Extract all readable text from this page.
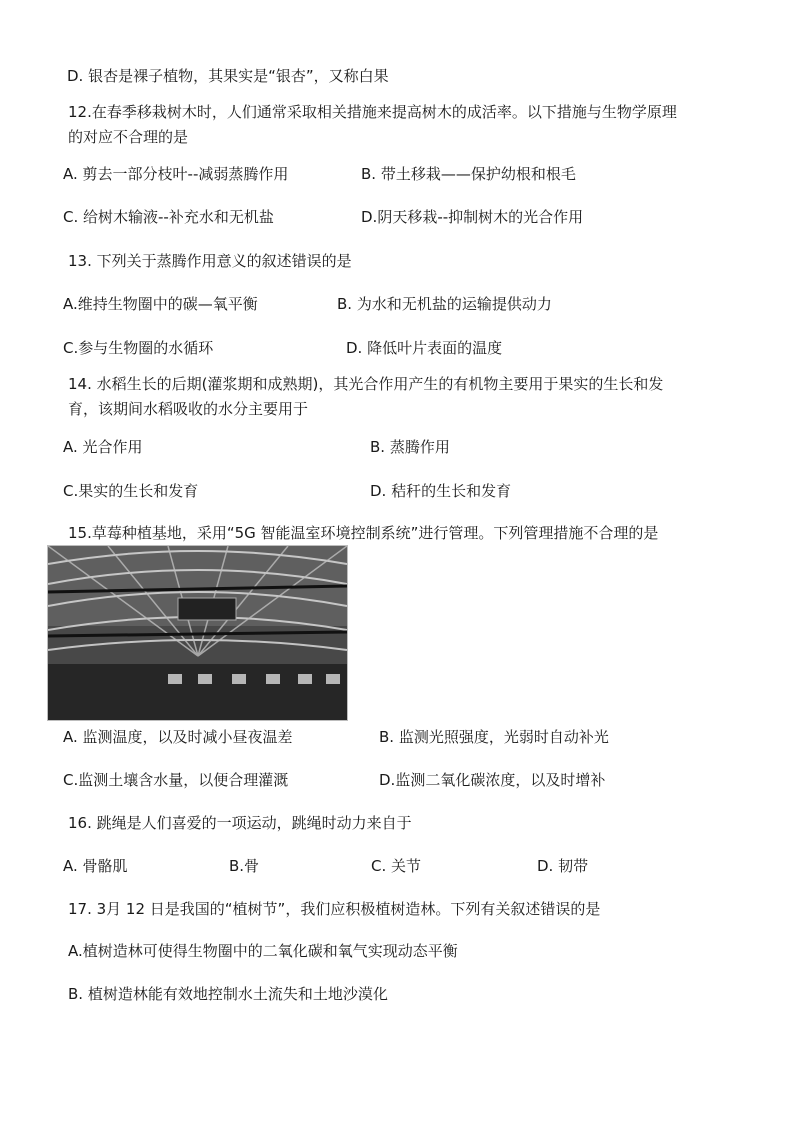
D. 银杏是裸子植物，其果实是“银杏”，又称白果
12.在春季移栽树木时，人们通常采取相关措施来提高树木的成活率。以下措施与生物学原理
的对应不合理的是
A. 剪去一部分枝叶--减弱蒸腾作用	B. 带土移栽——保护幼根和根毛
C. 给树木输液--补充水和无机盐	D.阴天移栽--抑制树木的光合作用
13. 下列关于蒸腾作用意义的叙述错误的是
A.维持生物圈中的碳—氧平衡	B. 为水和无机盐的运输提供动力
C.参与生物圈的水循环	D. 降低叶片表面的温度
14. 水稻生长的后期(灌浆期和成熟期)，其光合作用产生的有机物主要用于果实的生长和发
育，该期间水稻吸收的水分主要用于
A. 光合作用	B. 蒸腾作用
C.果实的生长和发育	D. 秸秆的生长和发育
15.草莓种植基地，采用“5G 智能温室环境控制系统”进行管理。下列管理措施不合理的是
A. 监测温度，以及时减小昼夜温差	B. 监测光照强度，光弱时自动补光
C.监测土壤含水量，以便合理灌溉	D.监测二氧化碳浓度，以及时增补
16. 跳绳是人们喜爱的一项运动，跳绳时动力来自于
A. 骨骼肌	B.骨	C. 关节	D. 韧带
17. 3月 12 日是我国的“植树节”，我们应积极植树造林。下列有关叙述错误的是
A.植树造林可使得生物圈中的二氧化碳和氧气实现动态平衡
B. 植树造林能有效地控制水土流失和土地沙漠化
